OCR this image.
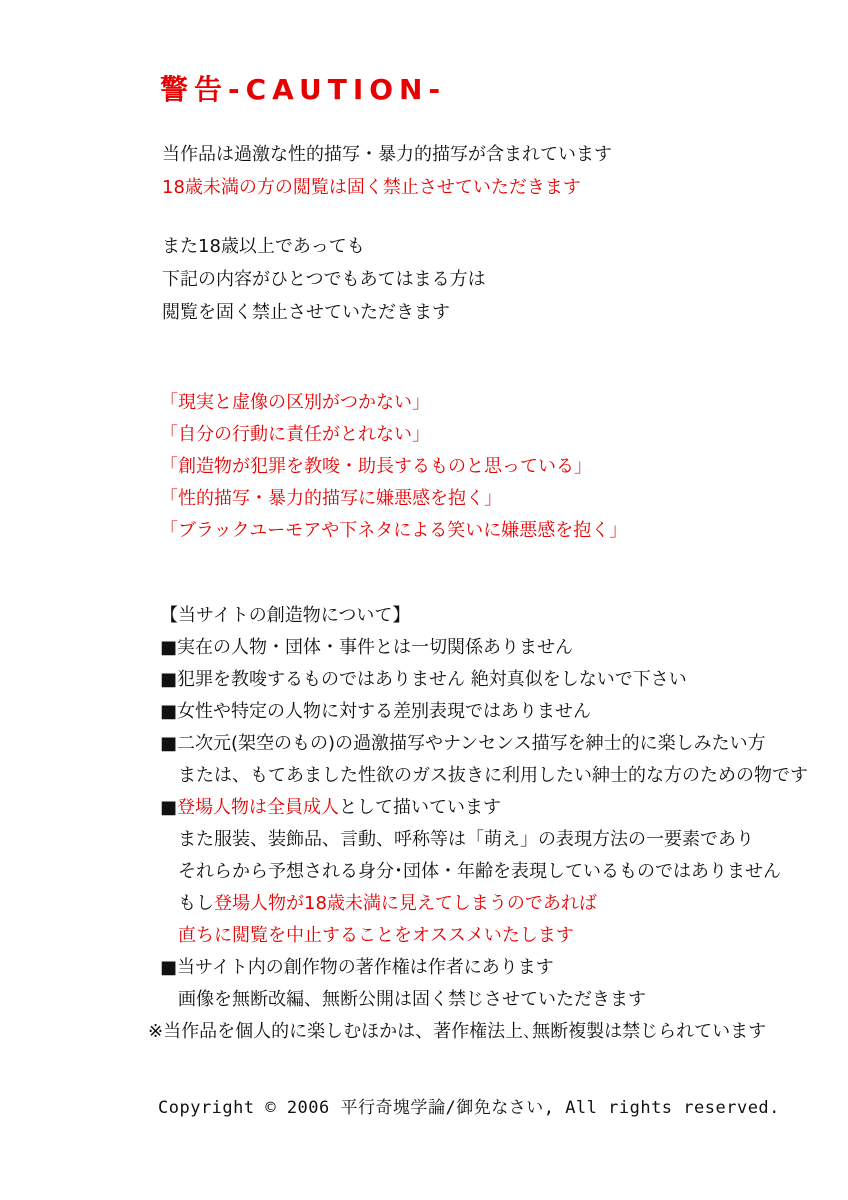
警告-CAUTION-
当作品は過激な性的描写・暴力的描写が含まれています
18歳未満の方の閲覧は固く禁止させていただきます
また18歳以上であっても
下記の内容がひとつでもあてはまる方は
閲覧を固く禁止させていただきます
「現実と虚像の区別がつかない」
「自分の行動に責任がとれない」
「創造物が犯罪を教唆・助長するものと思っている」
「性的描写・暴力的描写に嫌悪感を抱く」
「ブラックユーモアや下ネタによる笑いに嫌悪感を抱く」
【当サイトの創造物について】
■実在の人物・団体・事件とは一切関係ありません
■犯罪を教唆するものではありません 絶対真似をしないで下さい
■女性や特定の人物に対する差別表現ではありません
■二次元(架空のもの)の過激描写やナンセンス描写を紳士的に楽しみたい方
または、もてあました性欲のガス抜きに利用したい紳士的な方のための物です
■登場人物は全員成人として描いています
また服装、装飾品、言動、呼称等は「萌え」の表現方法の一要素であり
それらから予想される身分･団体・年齢を表現しているものではありません
もし登場人物が18歳未満に見えてしまうのであれば
直ちに閲覧を中止することをオススメいたします
■当サイト内の創作物の著作権は作者にあります
画像を無断改編、無断公開は固く禁じさせていただきます
※当作品を個人的に楽しむほかは、著作権法上､無断複製は禁じられています
Copyright © 2006 平行奇塊学論/御免なさい, All rights reserved.
